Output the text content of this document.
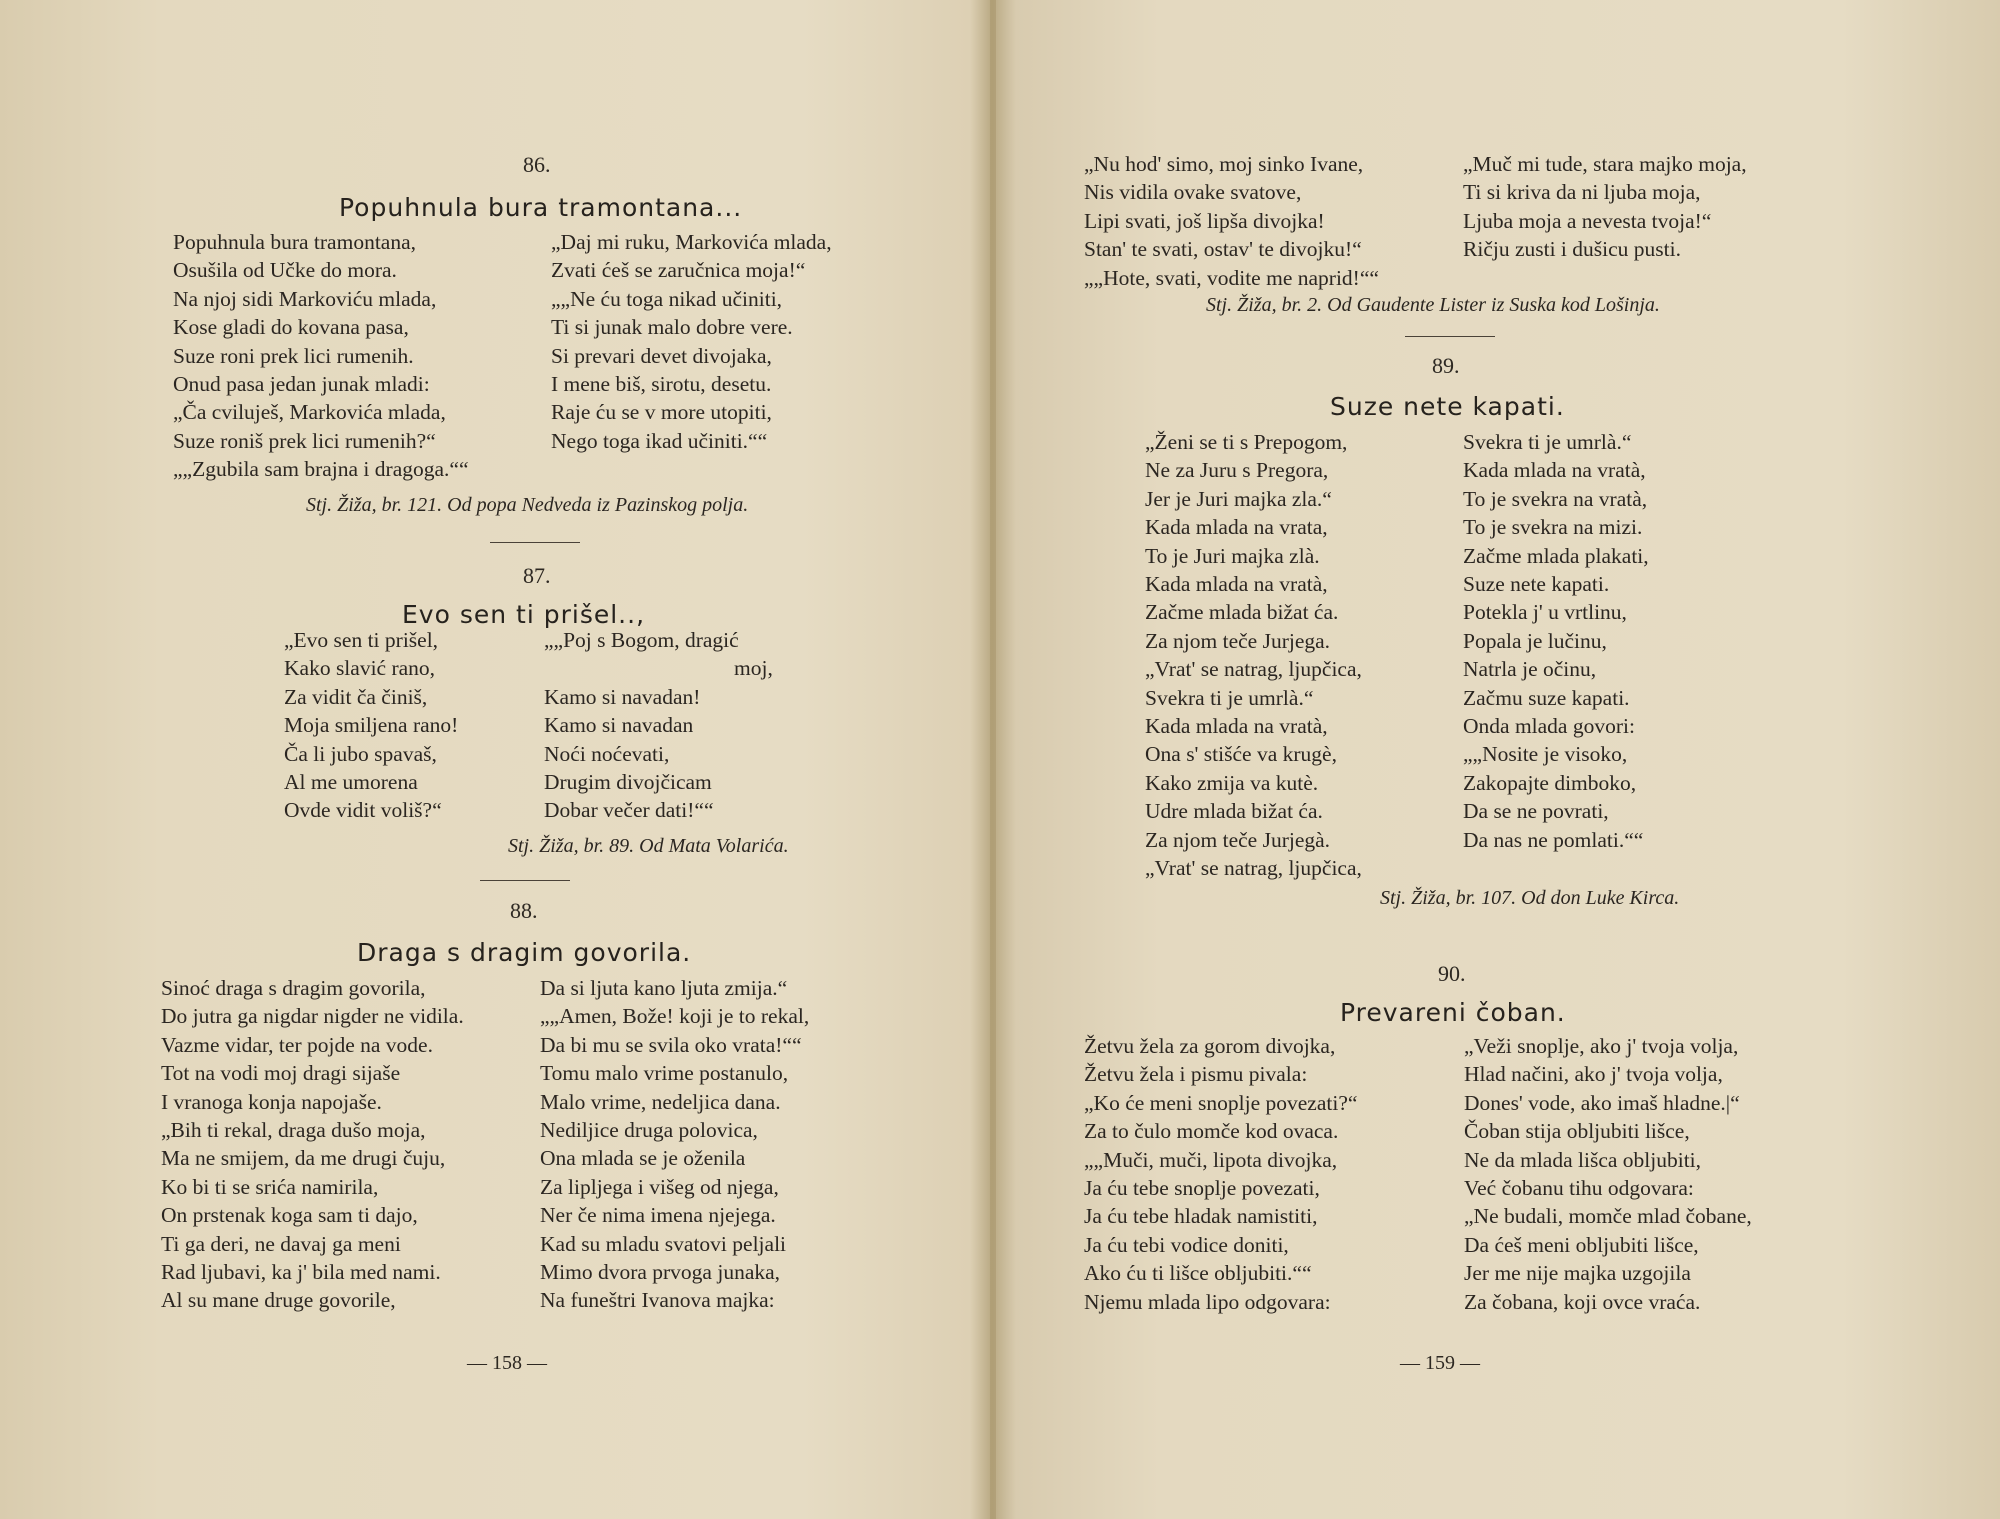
86.
Popuhnula bura tramontana...
Popuhnula bura tramontana,
Osušila od Učke do mora.
Na njoj sidi Markoviću mlada,
Kose gladi do kovana pasa,
Suze roni prek lici rumenih.
Onud pasa jedan junak mladi:
„Ča cviluješ, Markovića mlada,
Suze roniš prek lici rumenih?“
„„Zgubila sam brajna i dragoga.““
„Daj mi ruku, Markovića mlada,
Zvati ćeš se zaručnica moja!“
„„Ne ću toga nikad učiniti,
Ti si junak malo dobre vere.
Si prevari devet divojaka,
I mene biš, sirotu, desetu.
Raje ću se v more utopiti,
Nego toga ikad učiniti.““
Stj. Žiža, br. 121. Od popa Nedveda iz Pazinskog polja.
87.
Evo sen ti prišel..,
„Evo sen ti prišel,
Kako slavić rano,
Za vidit ča činiš,
Moja smiljena rano!
Ča li jubo spavaš,
Al me umorena
Ovde vidit voliš?“
„„Poj s Bogom, dragić
moj,
Kamo si navadan!
Kamo si navadan
Noći noćevati,
Drugim divojčicam
Dobar večer dati!““
Stj. Žiža, br. 89. Od Mata Volarića.
88.
Draga s dragim govorila.
Sinoć draga s dragim govorila,
Do jutra ga nigdar nigder ne vidila.
Vazme vidar, ter pojde na vode.
Tot na vodi moj dragi sijaše
I vranoga konja napojaše.
„Bih ti rekal, draga dušo moja,
Ma ne smijem, da me drugi čuju,
Ko bi ti se srića namirila,
On prstenak koga sam ti dajo,
Ti ga deri, ne davaj ga meni
Rad ljubavi, ka j' bila med nami.
Al su mane druge govorile,
Da si ljuta kano ljuta zmija.“
„„Amen, Bože! koji je to rekal,
Da bi mu se svila oko vrata!““
Tomu malo vrime postanulo,
Malo vrime, nedeljica dana.
Nediljice druga polovica,
Ona mlada se je oženila
Za lipljega i višeg od njega,
Ner če nima imena njejega.
Kad su mladu svatovi peljali
Mimo dvora prvoga junaka,
Na funeštri Ivanova majka:
— 158 —
„Nu hod' simo, moj sinko Ivane,
Nis vidila ovake svatove,
Lipi svati, još lipša divojka!
Stan' te svati, ostav' te divojku!“
„„Hote, svati, vodite me naprid!““
„Muč mi tude, stara majko moja,
Ti si kriva da ni ljuba moja,
Ljuba moja a nevesta tvoja!“
Ričju zusti i dušicu pusti.
Stj. Žiža, br. 2. Od Gaudente Lister iz Suska kod Lošinja.
89.
Suze nete kapati.
„Ženi se ti s Prepogom,
Ne za Juru s Pregora,
Jer je Juri majka zla.“
Kada mlada na vrata,
To je Juri majka zlà.
Kada mlada na vratà,
Začme mlada bižat ća.
Za njom teče Jurjega.
„Vrat' se natrag, ljupčica,
Svekra ti je umrlà.“
Kada mlada na vratà,
Ona s' stišće va krugè,
Kako zmija va kutè.
Udre mlada bižat ća.
Za njom teče Jurjegà.
„Vrat' se natrag, ljupčica,
Svekra ti je umrlà.“
Kada mlada na vratà,
To je svekra na vratà,
To je svekra na mizi.
Začme mlada plakati,
Suze nete kapati.
Potekla j' u vrtlinu,
Popala je lučinu,
Natrla je očinu,
Začmu suze kapati.
Onda mlada govori:
„„Nosite je visoko,
Zakopajte dimboko,
Da se ne povrati,
Da nas ne pomlati.““
Stj. Žiža, br. 107. Od don Luke Kirca.
90.
Prevareni čoban.
Žetvu žela za gorom divojka,
Žetvu žela i pismu pivala:
„Ko će meni snoplje povezati?“
Za to čulo momče kod ovaca.
„„Muči, muči, lipota divojka,
Ja ću tebe snoplje povezati,
Ja ću tebe hladak namistiti,
Ja ću tebi vodice doniti,
Ako ću ti lišce obljubiti.““
Njemu mlada lipo odgovara:
„Veži snoplje, ako j' tvoja volja,
Hlad načini, ako j' tvoja volja,
Dones' vode, ako imaš hladne.|“
Čoban stija obljubiti lišce,
Ne da mlada lišca obljubiti,
Već čobanu tihu odgovara:
„Ne budali, momče mlad čobane,
Da ćeš meni obljubiti lišce,
Jer me nije majka uzgojila
Za čobana, koji ovce vraća.
— 159 —
